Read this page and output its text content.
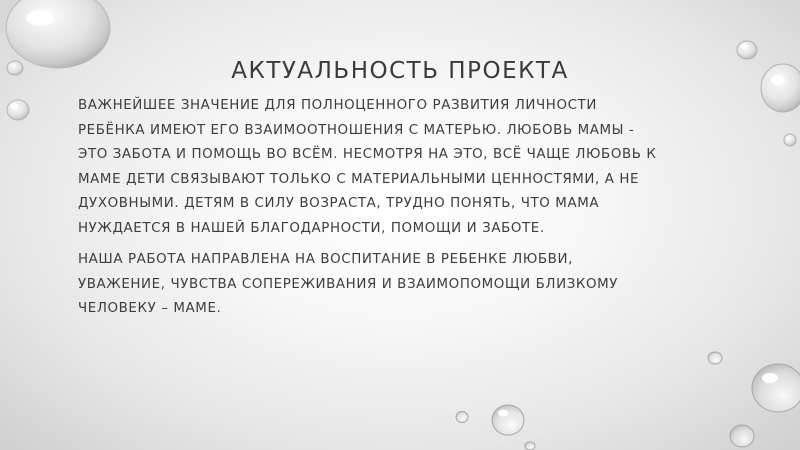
АКТУАЛЬНОСТЬ ПРОЕКТА

ВАЖНЕЙШЕЕ ЗНАЧЕНИЕ ДЛЯ ПОЛНОЦЕННОГО РАЗВИТИЯ ЛИЧНОСТИ
РЕБЁНКА ИМЕЮТ ЕГО ВЗАИМООТНОШЕНИЯ С МАТЕРЬЮ. ЛЮБОВЬ МАМЫ -
ЭТО ЗАБОТА И ПОМОЩЬ ВО ВСЁМ. НЕСМОТРЯ НА ЭТО, ВСЁ ЧАЩЕ ЛЮБОВЬ К
МАМЕ ДЕТИ СВЯЗЫВАЮТ ТОЛЬКО С МАТЕРИАЛЬНЫМИ ЦЕННОСТЯМИ, А НЕ
ДУХОВНЫМИ. ДЕТЯМ В СИЛУ ВОЗРАСТА, ТРУДНО ПОНЯТЬ, ЧТО МАМА
НУЖДАЕТСЯ В НАШЕЙ БЛАГОДАРНОСТИ, ПОМОЩИ И ЗАБОТЕ.

НАША РАБОТА НАПРАВЛЕНА НА ВОСПИТАНИЕ В РЕБЕНКЕ ЛЮБВИ,
УВАЖЕНИЕ, ЧУВСТВА СОПЕРЕЖИВАНИЯ И ВЗАИМОПОМОЩИ БЛИЗКОМУ
ЧЕЛОВЕКУ – МАМЕ.
